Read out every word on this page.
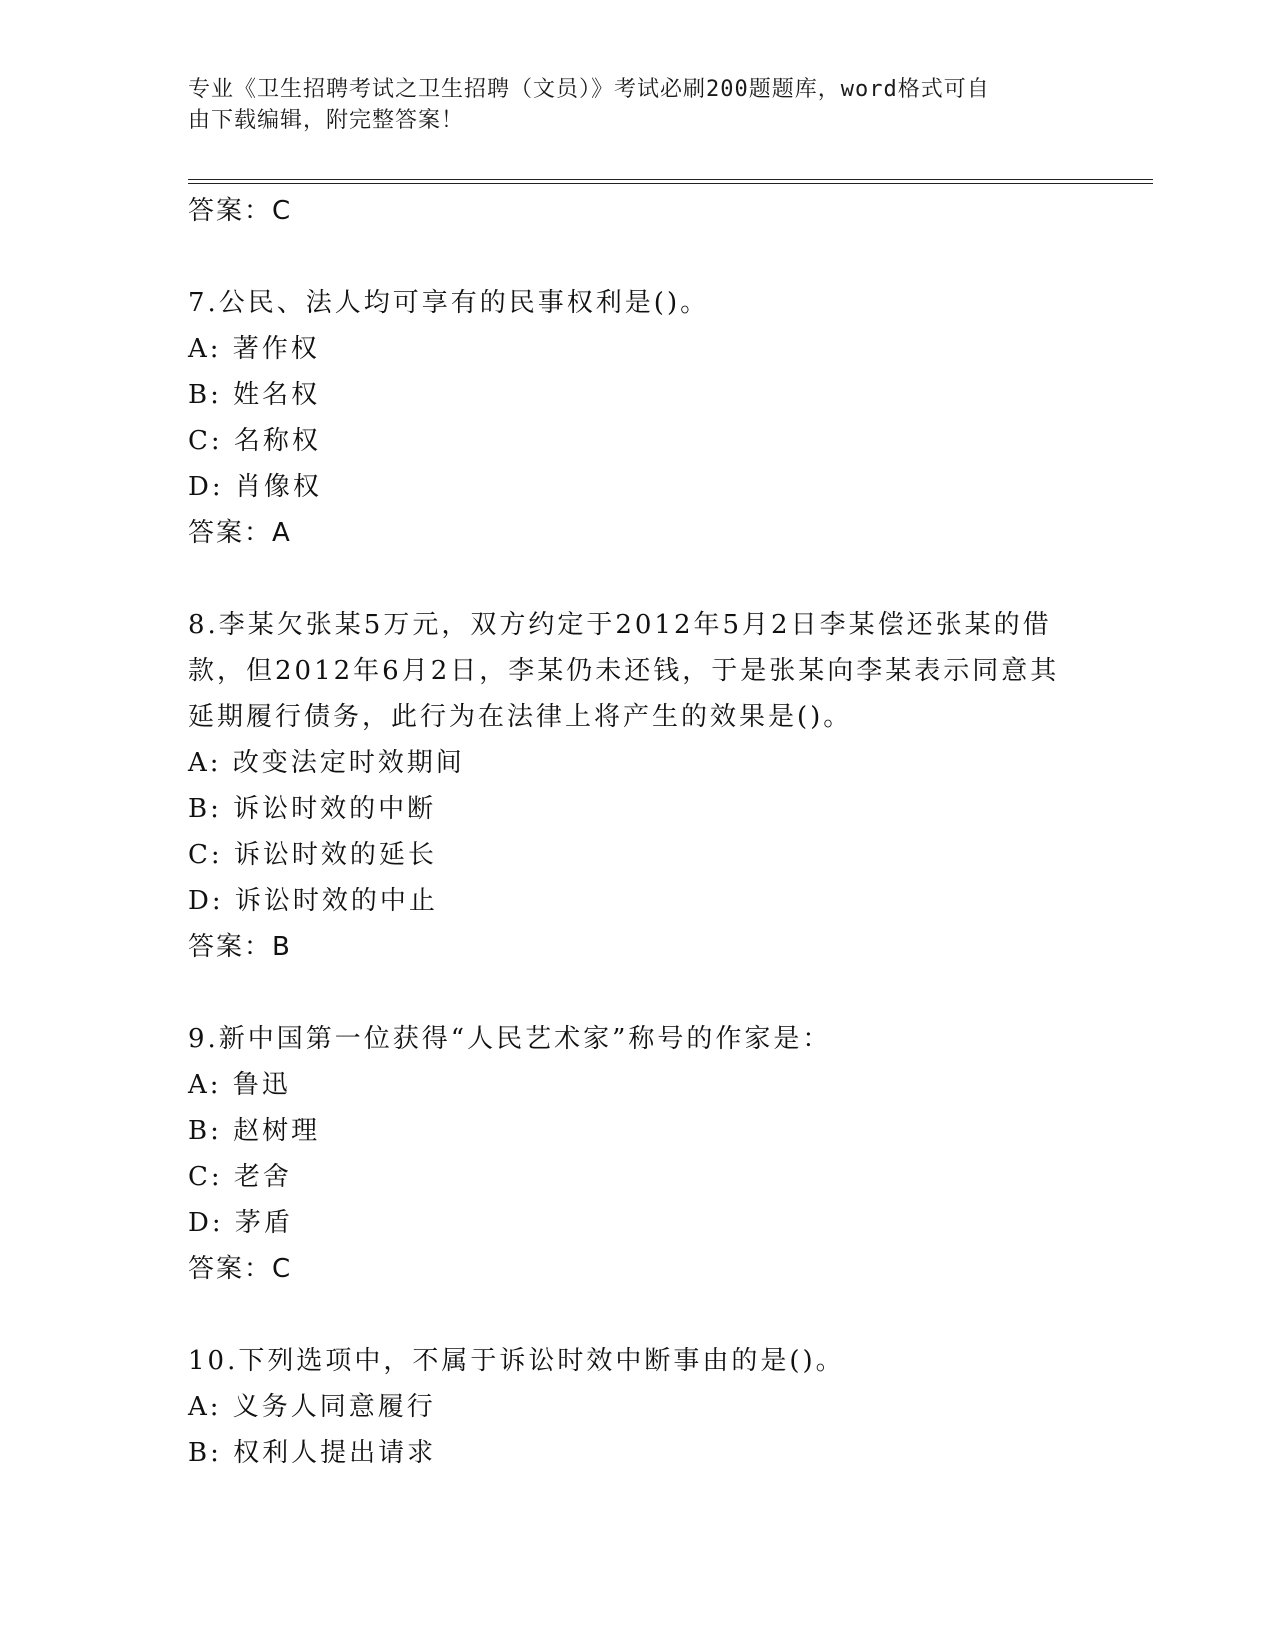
专业《卫生招聘考试之卫生招聘（文员）》考试必刷200题题库，word格式可自
由下载编辑，附完整答案！
答案：C
7.公民、法人均可享有的民事权利是()。
A: 著作权
B: 姓名权
C: 名称权
D: 肖像权
答案：A
8.李某欠张某5万元，双方约定于2012年5月2日李某偿还张某的借
款，但2012年6月2日，李某仍未还钱，于是张某向李某表示同意其
延期履行债务，此行为在法律上将产生的效果是()。
A: 改变法定时效期间
B: 诉讼时效的中断
C: 诉讼时效的延长
D: 诉讼时效的中止
答案：B
9.新中国第一位获得“人民艺术家”称号的作家是：
A: 鲁迅
B: 赵树理
C: 老舍
D: 茅盾
答案：C
10.下列选项中，不属于诉讼时效中断事由的是()。
A: 义务人同意履行
B: 权利人提出请求
